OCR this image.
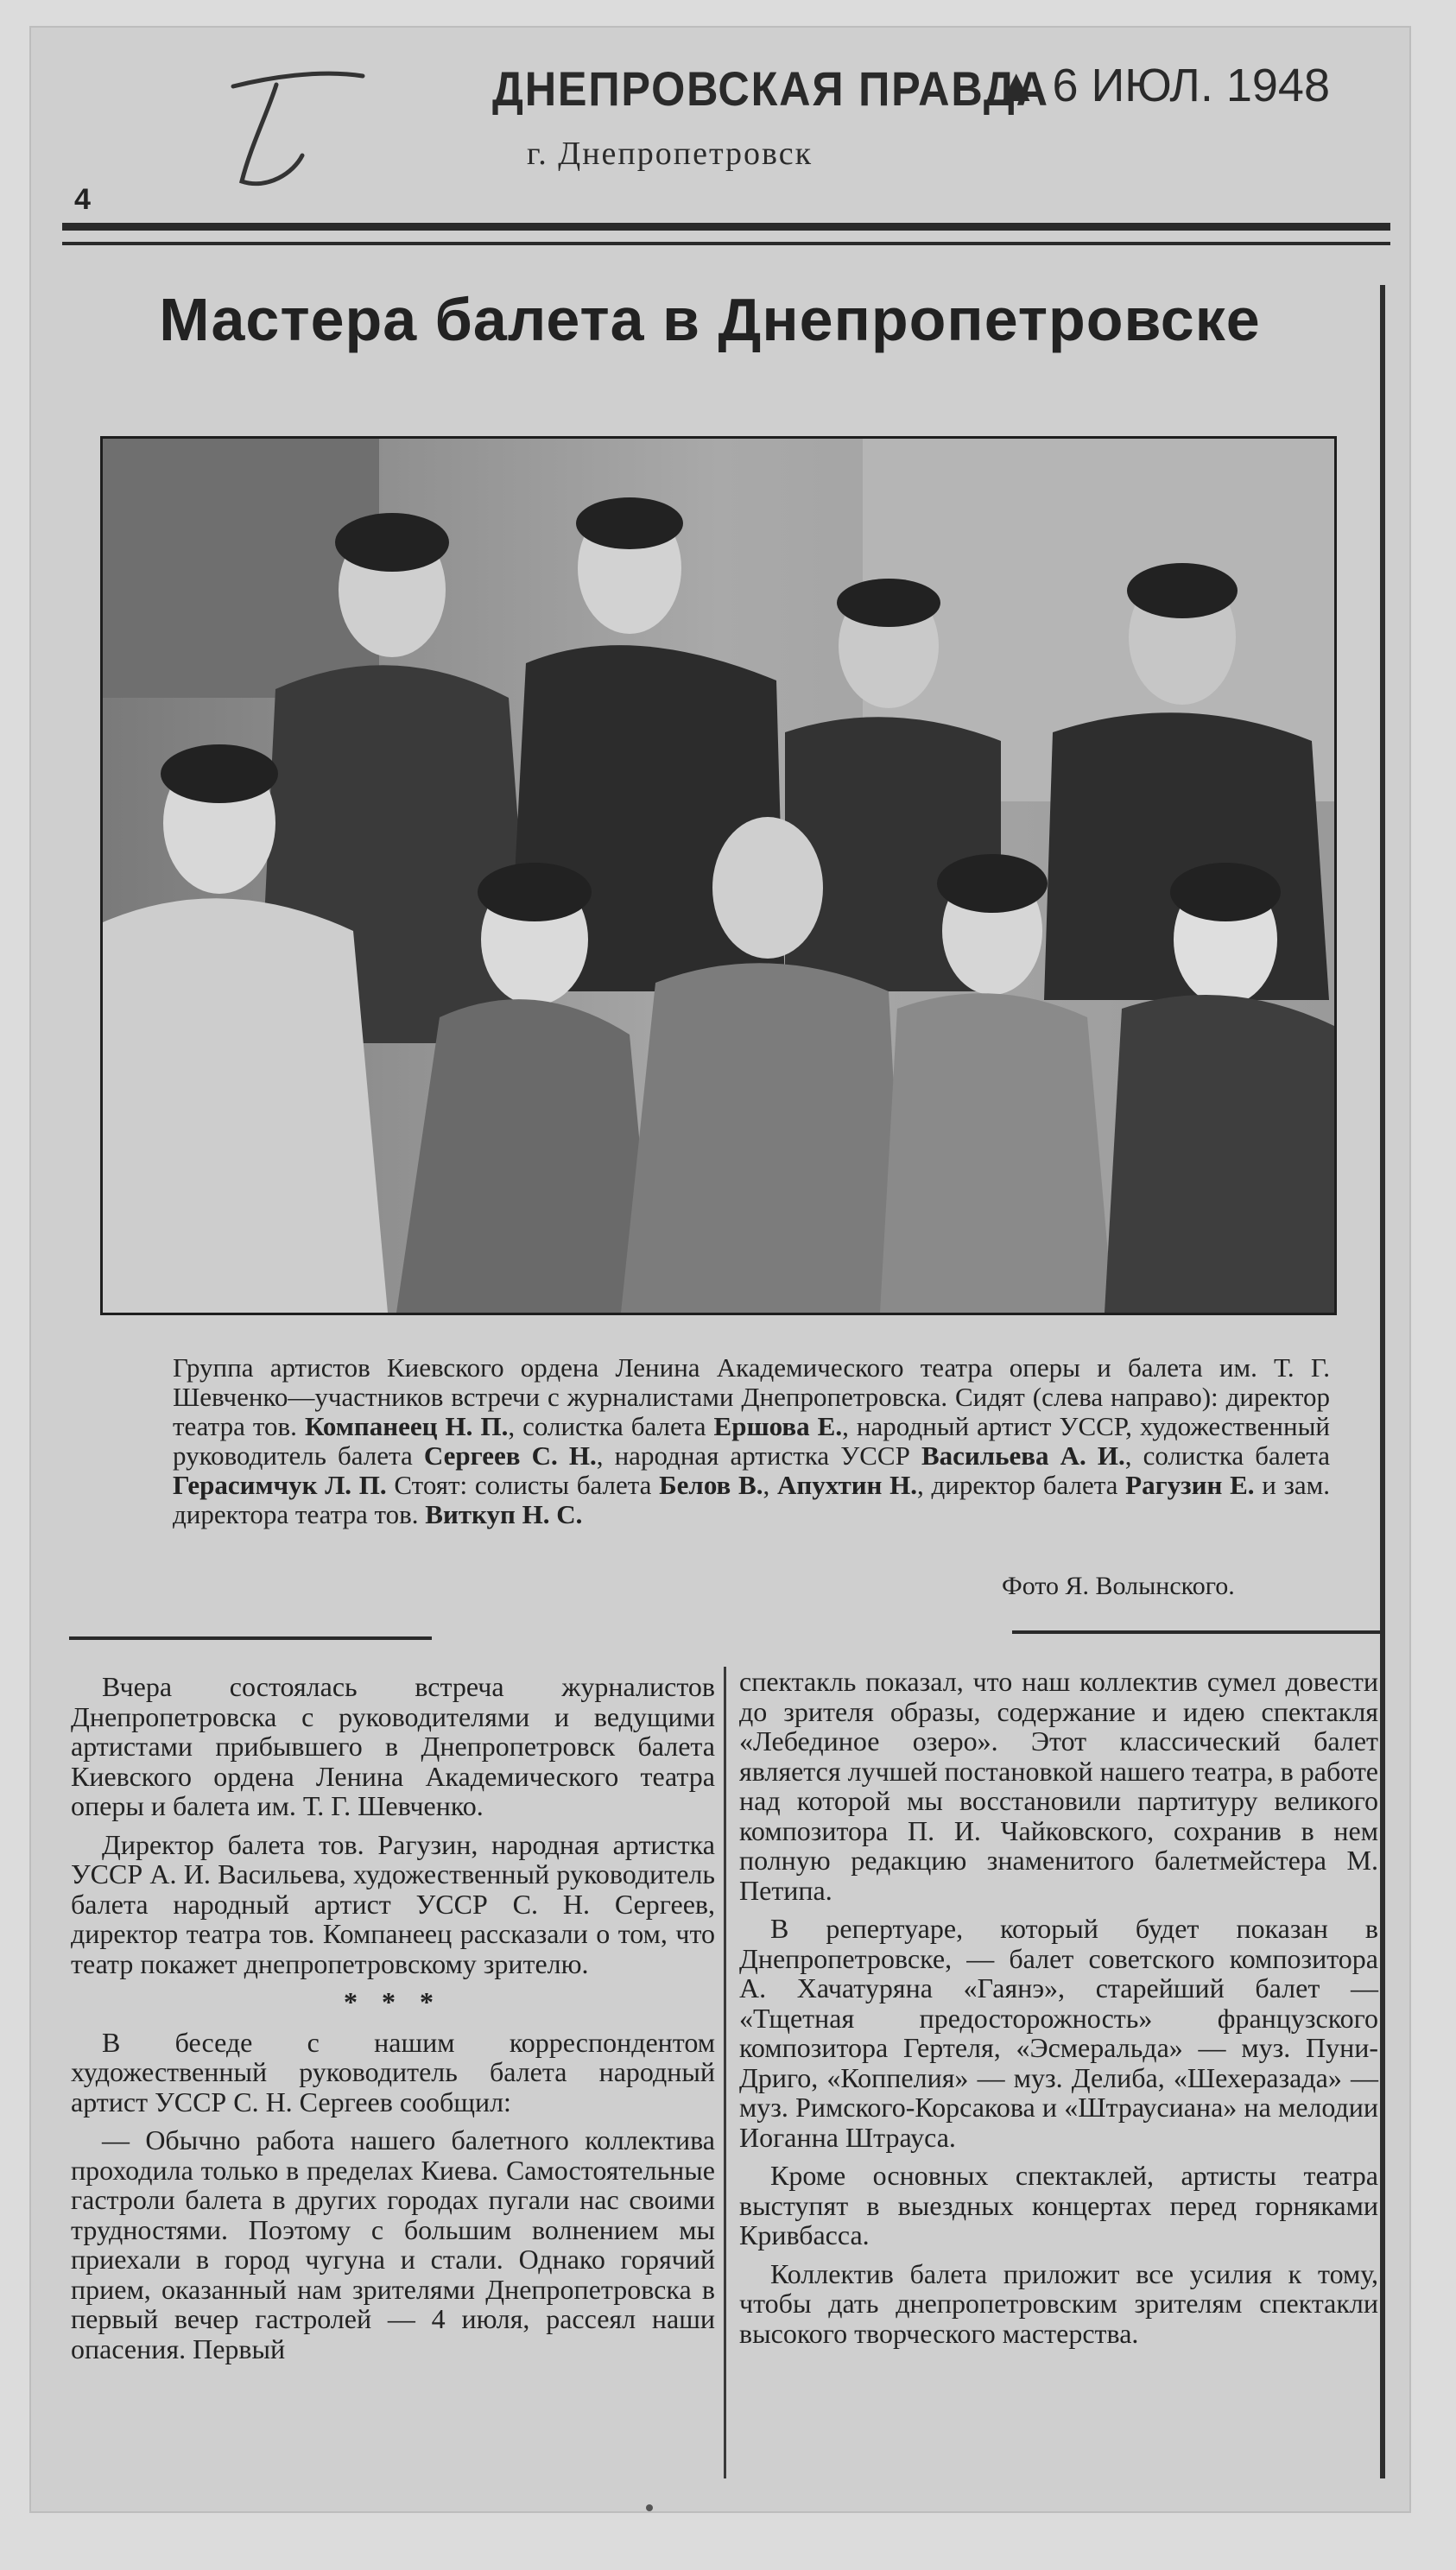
ДНЕПРОВСКАЯ ПРАВДА
▲ 6 ИЮЛ. 1948
г. Днепропетровск
4
Мастера балета в Днепропетровске
Группа артистов Киевского ордена Ленина Академического театра оперы и балета им. Т. Г. Шевченко—участников встречи с журналистами Днепропетровска. Сидят (слева направо): директор театра тов. Компанеец Н. П., солистка балета Ершова Е., народный артист УССР, художественный руководитель балета Сергеев С. Н., народная артистка УССР Васильева А. И., солистка балета Герасимчук Л. П. Стоят: солисты балета Белов В., Апухтин Н., директор балета Рагузин Е. и зам. директора театра тов. Виткуп Н. С.
Фото Я. Волынского.

Вчера состоялась встреча журналистов Днепропетровска с руководителями и ведущими артистами прибывшего в Днепропетровск балета Киевского ордена Ленина Академического театра оперы и балета им. Т. Г. Шевченко.

Директор балета тов. Рагузин, народная артистка УССР А. И. Васильева, художественный руководитель балета народный артист УССР С. Н. Сергеев, директор театра тов. Компанеец рассказали о том, что театр покажет днепропетровскому зрителю.

* * *

В беседе с нашим корреспондентом художественный руководитель балета народный артист УССР С. Н. Сергеев сообщил:

— Обычно работа нашего балетного коллектива проходила только в пределах Киева. Самостоятельные гастроли балета в других городах пугали нас своими трудностями. Поэтому с большим волнением мы приехали в город чугуна и стали. Однако горячий прием, оказанный нам зрителями Днепропетровска в первый вечер гастролей — 4 июля, рассеял наши опасения. Первый

спектакль показал, что наш коллектив сумел довести до зрителя образы, содержание и идею спектакля «Лебединое озеро». Этот классический балет является лучшей постановкой нашего театра, в работе над которой мы восстановили партитуру великого композитора П. И. Чайковского, сохранив в нем полную редакцию знаменитого балетмейстера М. Петипа.

В репертуаре, который будет показан в Днепропетровске, — балет советского композитора А. Хачатуряна «Гаянэ», старейший балет — «Тщетная предосторожность» французского композитора Гертеля, «Эсмеральда» — муз. Пуни-Дриго, «Коппелия» — муз. Делиба, «Шехеразада» — муз. Римского-Корсакова и «Штраусиана» на мелодии Иоганна Штрауса.

Кроме основных спектаклей, артисты театра выступят в выездных концертах перед горняками Кривбасса.

Коллектив балета приложит все усилия к тому, чтобы дать днепропетровским зрителям спектакли высокого творческого мастерства.
